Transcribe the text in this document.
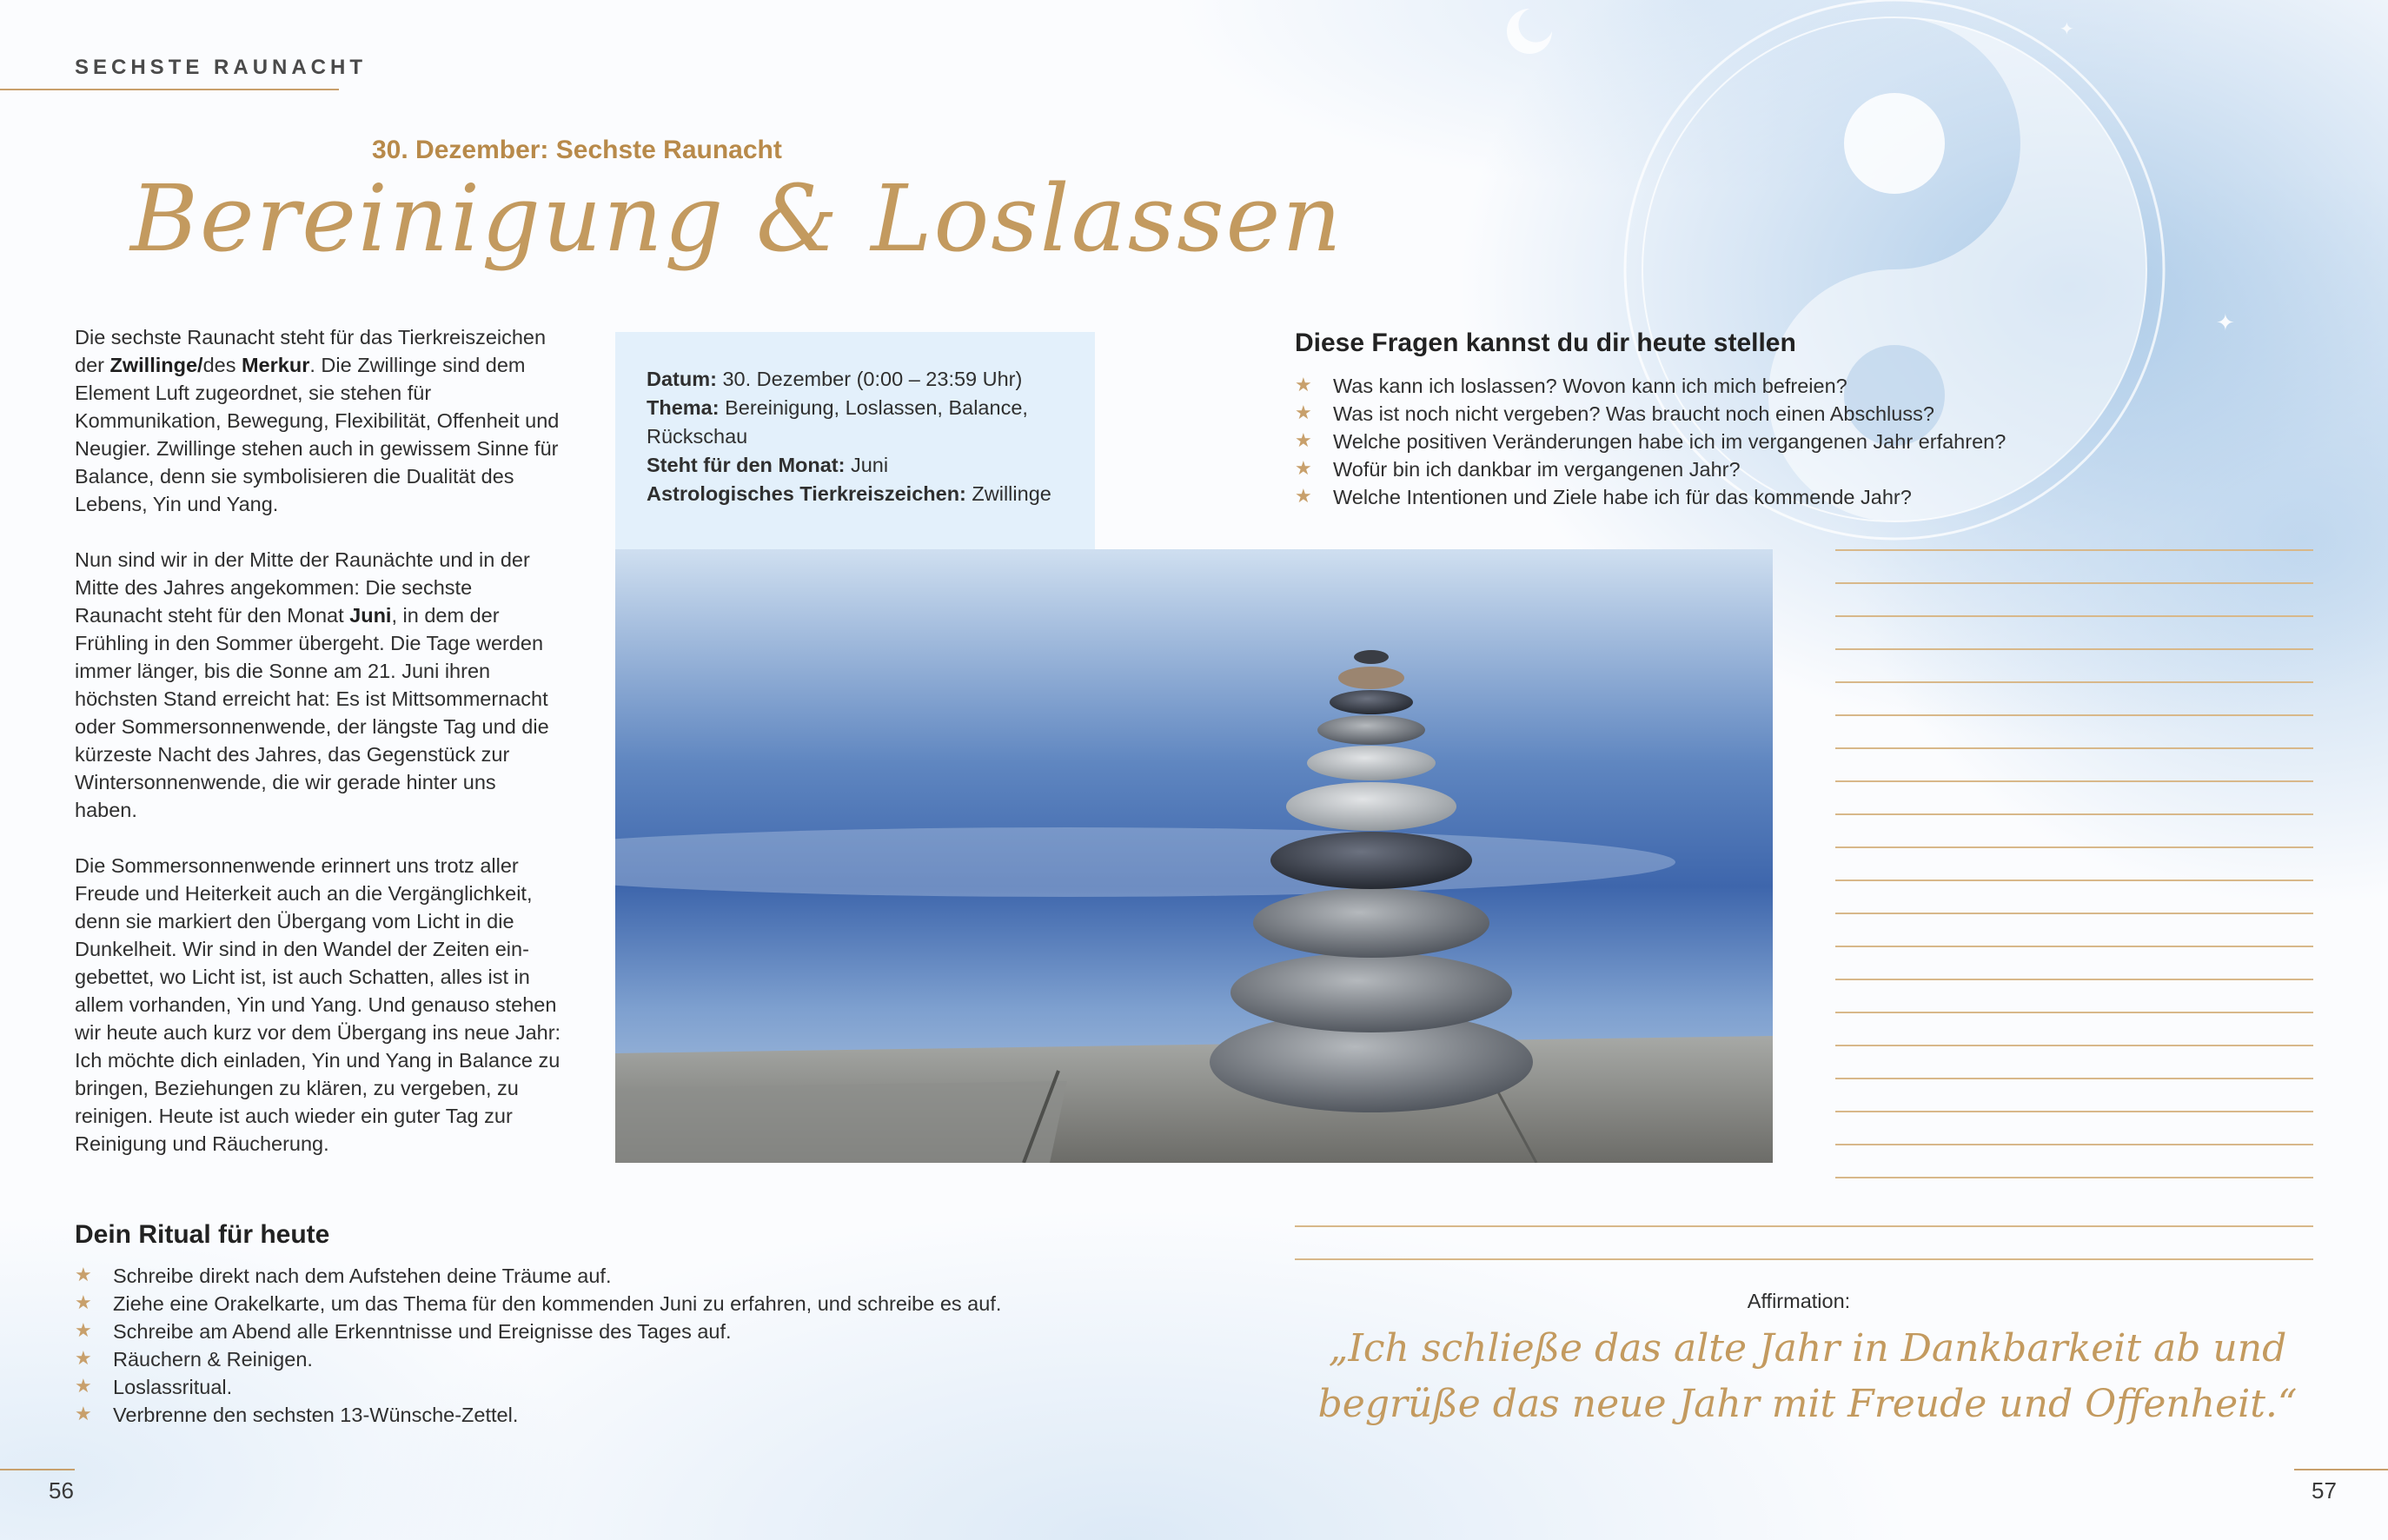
✦
✦
SECHSTE RAUNACHT
30. Dezember: Sechste Raunacht
Bereinigung & Loslassen

Die sechste Raunacht steht für das Tierkreiszeichen der Zwillinge/des Merkur. Die Zwillinge sind dem Element Luft zugeordnet, sie stehen für Kommunikation, Bewegung, Flexibilität, Offenheit und Neugier. Zwillinge stehen auch in gewissem Sinne für Balance, denn sie symbolisieren die Dualität des Lebens, Yin und Yang.

Nun sind wir in der Mitte der Raunächte und in der Mitte des Jahres angekommen: Die sechste Raunacht steht für den Monat Juni, in dem der Frühling in den Sommer übergeht. Die Tage werden immer länger, bis die Sonne am 21. Juni ihren höchsten Stand erreicht hat: Es ist Mittsommernacht oder Sommersonnenwende, der längste Tag und die kürzeste Nacht des Jahres, das Gegenstück zur Wintersonnenwende, die wir gerade hinter uns haben.

Die Sommersonnenwende erinnert uns trotz aller Freude und Heiterkeit auch an die Vergänglichkeit, denn sie markiert den Übergang vom Licht in die Dunkelheit. Wir sind in den Wandel der Zeiten eingebettet, wo Licht ist, ist auch Schatten, alles ist in allem vorhanden, Yin und Yang. Und genauso stehen wir heute auch kurz vor dem Übergang ins neue Jahr: Ich möchte dich einladen, Yin und Yang in Balance zu bringen, Beziehungen zu klären, zu vergeben, zu reinigen. Heute ist auch wieder ein guter Tag zur Reinigung und Räucherung.

Datum: 30. Dezember (0:00 – 23:59 Uhr)
Thema: Bereinigung, Loslassen, Balance, Rückschau
Steht für den Monat: Juni
Astrologisches Tierkreiszeichen: Zwillinge
Diese Fragen kannst du dir heute stellen
★ Was kann ich loslassen? Wovon kann ich mich befreien?
★ Was ist noch nicht vergeben? Was braucht noch einen Abschluss?
★ Welche positiven Veränderungen habe ich im vergangenen Jahr erfahren?
★ Wofür bin ich dankbar im vergangenen Jahr?
★ Welche Intentionen und Ziele habe ich für das kommende Jahr?
Dein Ritual für heute
★ Schreibe direkt nach dem Aufstehen deine Träume auf.
★ Ziehe eine Orakelkarte, um das Thema für den kommenden Juni zu erfahren, und schreibe es auf.
★ Schreibe am Abend alle Erkenntnisse und Ereignisse des Tages auf.
★ Räuchern & Reinigen.
★ Loslassritual.
★ Verbrenne den sechsten 13-Wünsche-Zettel.
Affirmation:
„Ich schließe das alte Jahr in Dankbarkeit ab und
begrüße das neue Jahr mit Freude und Offenheit.“
56	57
